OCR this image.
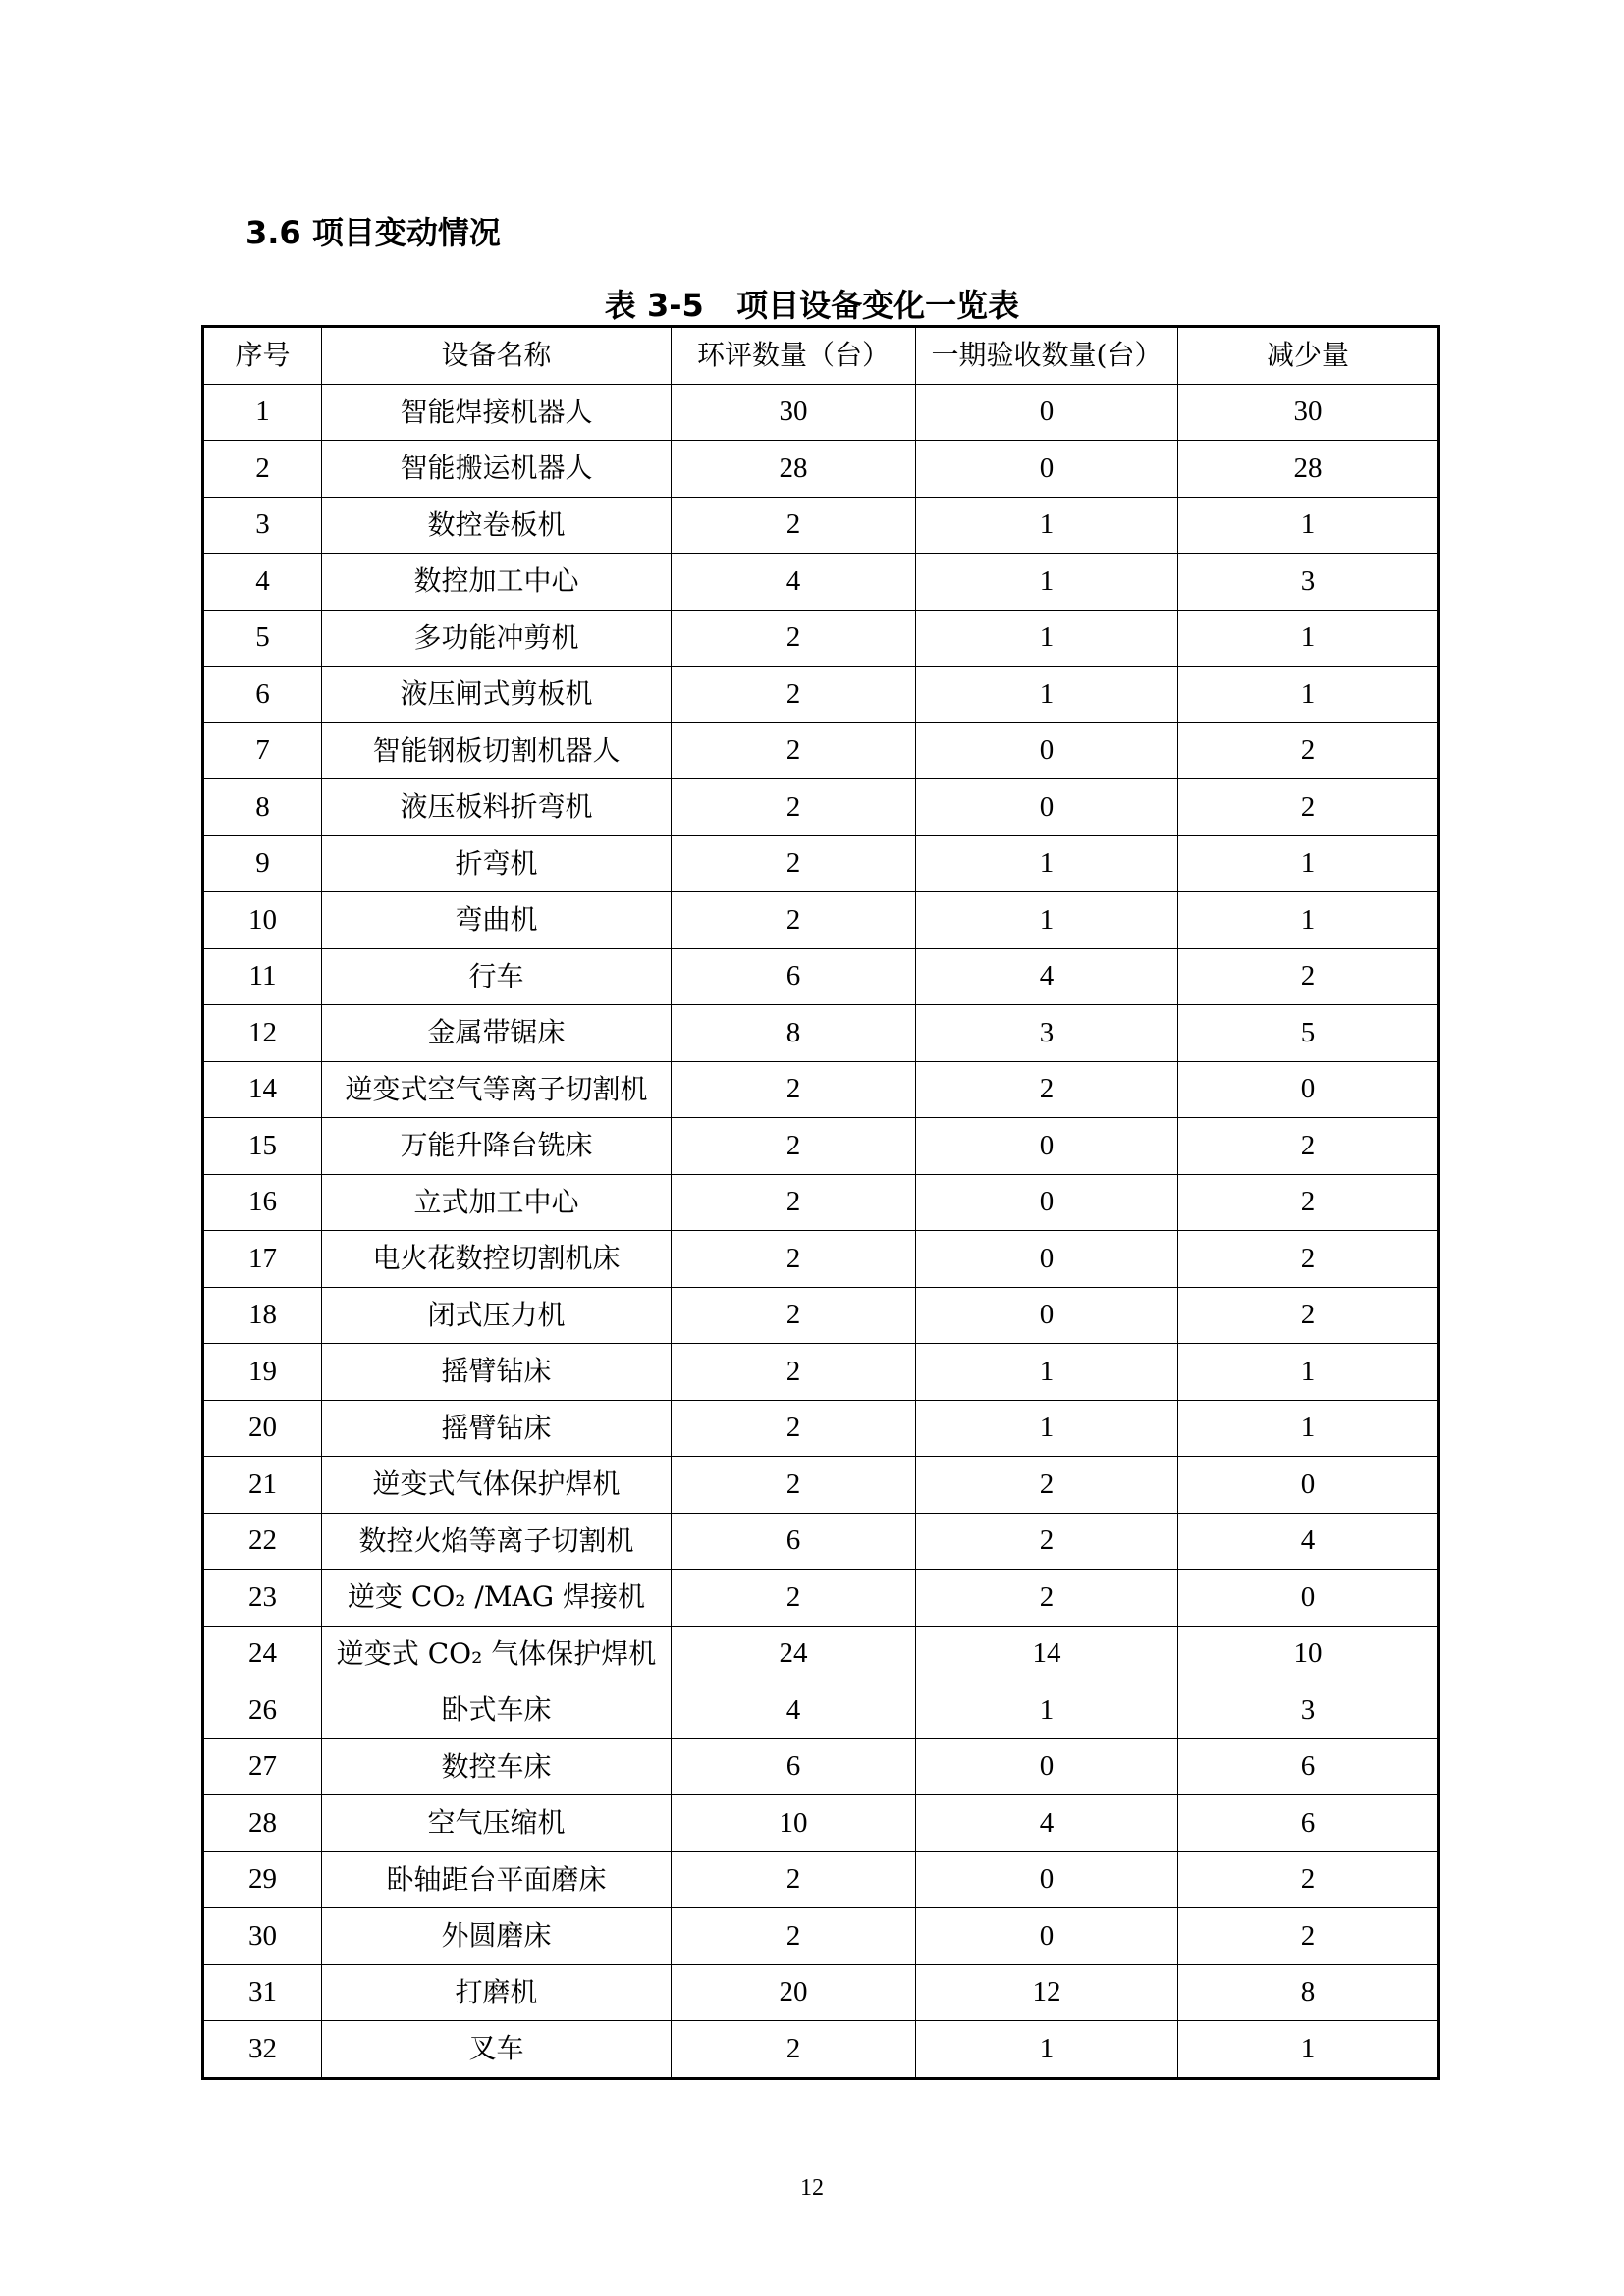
3.6 项目变动情况
表 3-5   项目设备变化一览表
序号	设备名称	环评数量（台）	一期验收数量(台）	减少量
1	智能焊接机器人	30	0	30
2	智能搬运机器人	28	0	28
3	数控卷板机	2	1	1
4	数控加工中心	4	1	3
5	多功能冲剪机	2	1	1
6	液压闸式剪板机	2	1	1
7	智能钢板切割机器人	2	0	2
8	液压板料折弯机	2	0	2
9	折弯机	2	1	1
10	弯曲机	2	1	1
11	行车	6	4	2
12	金属带锯床	8	3	5
14	逆变式空气等离子切割机	2	2	0
15	万能升降台铣床	2	0	2
16	立式加工中心	2	0	2
17	电火花数控切割机床	2	0	2
18	闭式压力机	2	0	2
19	摇臂钻床	2	1	1
20	摇臂钻床	2	1	1
21	逆变式气体保护焊机	2	2	0
22	数控火焰等离子切割机	6	2	4
23	逆变 CO₂ /MAG 焊接机	2	2	0
24	逆变式 CO₂ 气体保护焊机	24	14	10
26	卧式车床	4	1	3
27	数控车床	6	0	6
28	空气压缩机	10	4	6
29	卧轴距台平面磨床	2	0	2
30	外圆磨床	2	0	2
31	打磨机	20	12	8
32	叉车	2	1	1
12
